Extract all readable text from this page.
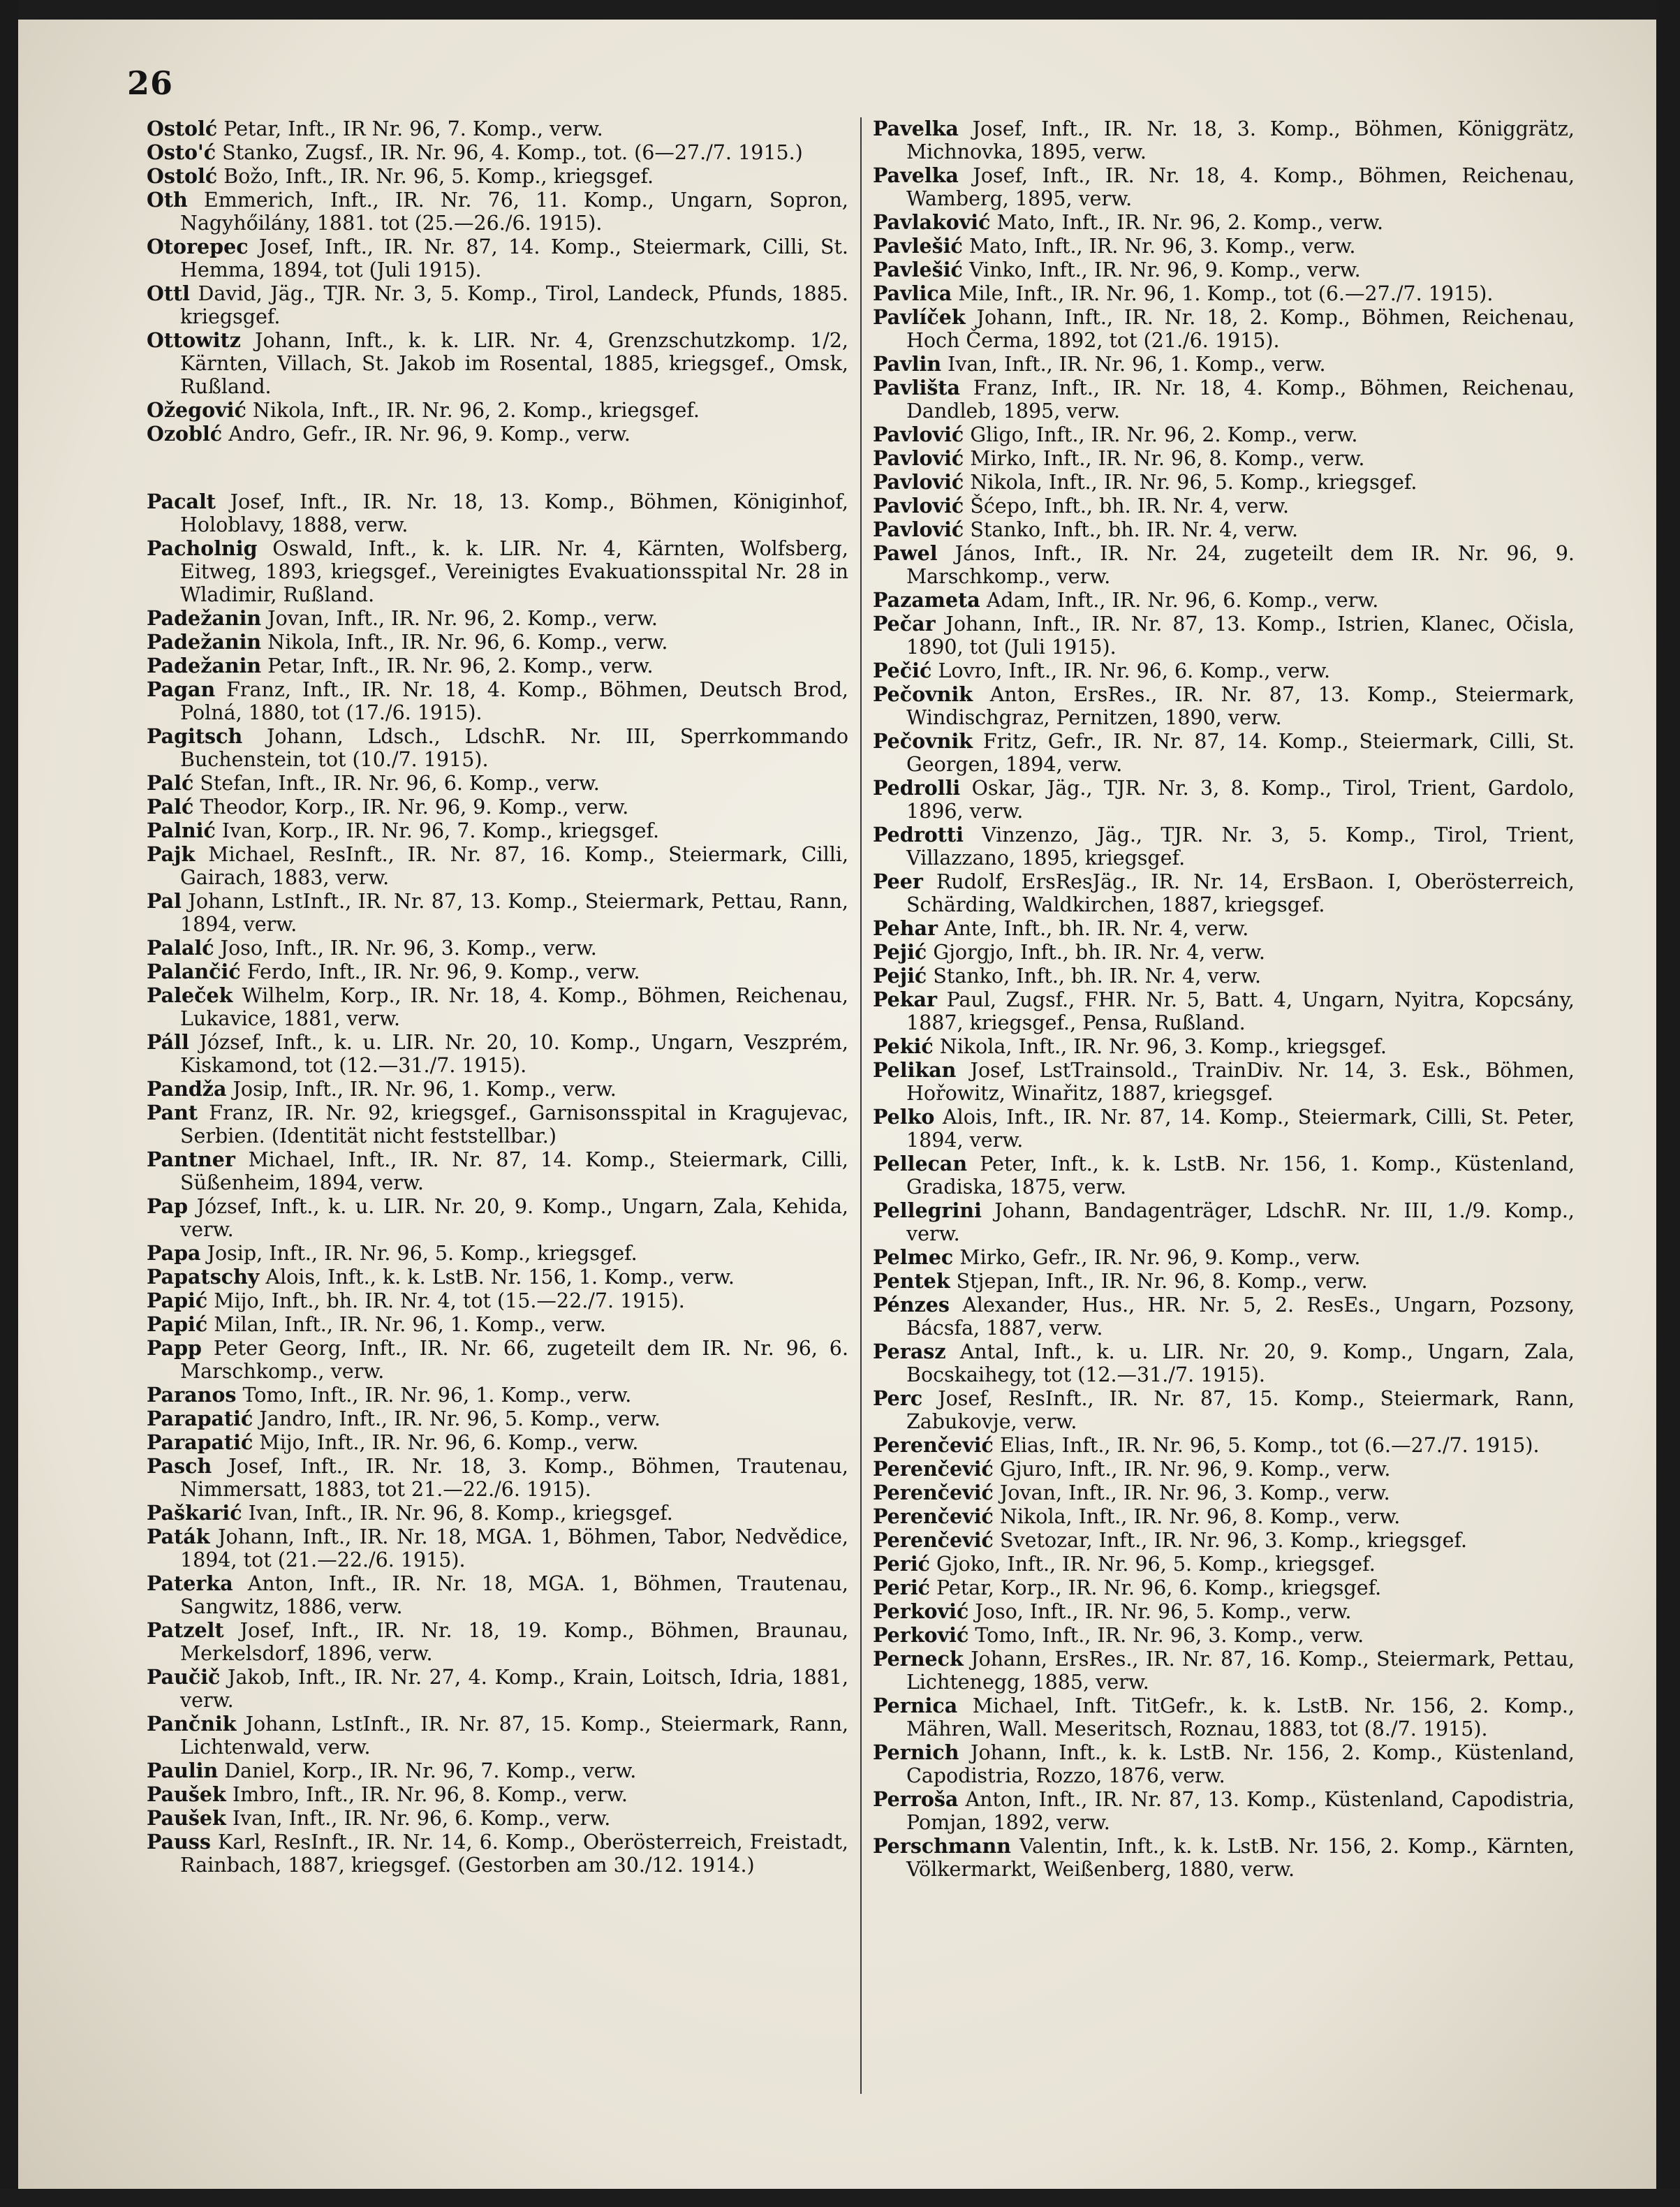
26

Ostolć Petar, Inft., IR Nr. 96, 7. Komp., verw.

Osto'ć Stanko, Zugsf., IR. Nr. 96, 4. Komp., tot. (6—27./7. 1915.)

Ostolć Božo, Inft., IR. Nr. 96, 5. Komp., kriegsgef.

Oth Emmerich, Inft., IR. Nr. 76, 11. Komp., Ungarn, Sopron, Nagyhőilány, 1881. tot (25.—26./6. 1915).

Otorepec Josef, Inft., IR. Nr. 87, 14. Komp., Steiermark, Cilli, St. Hemma, 1894, tot (Juli 1915).

Ottl David, Jäg., TJR. Nr. 3, 5. Komp., Tirol, Landeck, Pfunds, 1885. kriegsgef.

Ottowitz Johann, Inft., k. k. LIR. Nr. 4, Grenzschutzkomp. 1/2, Kärnten, Villach, St. Jakob im Rosental, 1885, kriegsgef., Omsk, Rußland.

Ožegović Nikola, Inft., IR. Nr. 96, 2. Komp., kriegsgef.

Ozoblć Andro, Gefr., IR. Nr. 96, 9. Komp., verw.

Pacalt Josef, Inft., IR. Nr. 18, 13. Komp., Böhmen, Königinhof, Holoblavy, 1888, verw.

Pacholnig Oswald, Inft., k. k. LIR. Nr. 4, Kärnten, Wolfsberg, Eitweg, 1893, kriegsgef., Vereinigtes Evakuationsspital Nr. 28 in Wladimir, Rußland.

Padežanin Jovan, Inft., IR. Nr. 96, 2. Komp., verw.

Padežanin Nikola, Inft., IR. Nr. 96, 6. Komp., verw.

Padežanin Petar, Inft., IR. Nr. 96, 2. Komp., verw.

Pagan Franz, Inft., IR. Nr. 18, 4. Komp., Böhmen, Deutsch Brod, Polná, 1880, tot (17./6. 1915).

Pagitsch Johann, Ldsch., LdschR. Nr. III, Sperrkommando Buchenstein, tot (10./7. 1915).

Palć Stefan, Inft., IR. Nr. 96, 6. Komp., verw.

Palć Theodor, Korp., IR. Nr. 96, 9. Komp., verw.

Palnić Ivan, Korp., IR. Nr. 96, 7. Komp., kriegsgef.

Pajk Michael, ResInft., IR. Nr. 87, 16. Komp., Steiermark, Cilli, Gairach, 1883, verw.

Pal Johann, LstInft., IR. Nr. 87, 13. Komp., Steiermark, Pettau, Rann, 1894, verw.

Palalć Joso, Inft., IR. Nr. 96, 3. Komp., verw.

Palančić Ferdo, Inft., IR. Nr. 96, 9. Komp., verw.

Paleček Wilhelm, Korp., IR. Nr. 18, 4. Komp., Böhmen, Reichenau, Lukavice, 1881, verw.

Páll József, Inft., k. u. LIR. Nr. 20, 10. Komp., Ungarn, Veszprém, Kiskamond, tot (12.—31./7. 1915).

Pandža Josip, Inft., IR. Nr. 96, 1. Komp., verw.

Pant Franz, IR. Nr. 92, kriegsgef., Garnisonsspital in Kragujevac, Serbien. (Identität nicht feststellbar.)

Pantner Michael, Inft., IR. Nr. 87, 14. Komp., Steiermark, Cilli, Süßenheim, 1894, verw.

Pap József, Inft., k. u. LIR. Nr. 20, 9. Komp., Ungarn, Zala, Kehida, verw.

Papa Josip, Inft., IR. Nr. 96, 5. Komp., kriegsgef.

Papatschy Alois, Inft., k. k. LstB. Nr. 156, 1. Komp., verw.

Papić Mijo, Inft., bh. IR. Nr. 4, tot (15.—22./7. 1915).

Papić Milan, Inft., IR. Nr. 96, 1. Komp., verw.

Papp Peter Georg, Inft., IR. Nr. 66, zugeteilt dem IR. Nr. 96, 6. Marschkomp., verw.

Paranos Tomo, Inft., IR. Nr. 96, 1. Komp., verw.

Parapatić Jandro, Inft., IR. Nr. 96, 5. Komp., verw.

Parapatić Mijo, Inft., IR. Nr. 96, 6. Komp., verw.

Pasch Josef, Inft., IR. Nr. 18, 3. Komp., Böhmen, Trautenau, Nimmersatt, 1883, tot 21.—22./6. 1915).

Paškarić Ivan, Inft., IR. Nr. 96, 8. Komp., kriegsgef.

Paták Johann, Inft., IR. Nr. 18, MGA. 1, Böhmen, Tabor, Nedvědice, 1894, tot (21.—22./6. 1915).

Paterka Anton, Inft., IR. Nr. 18, MGA. 1, Böhmen, Trautenau, Sangwitz, 1886, verw.

Patzelt Josef, Inft., IR. Nr. 18, 19. Komp., Böhmen, Braunau, Merkelsdorf, 1896, verw.

Paučič Jakob, Inft., IR. Nr. 27, 4. Komp., Krain, Loitsch, Idria, 1881, verw.

Pančnik Johann, LstInft., IR. Nr. 87, 15. Komp., Steiermark, Rann, Lichtenwald, verw.

Paulin Daniel, Korp., IR. Nr. 96, 7. Komp., verw.

Paušek Imbro, Inft., IR. Nr. 96, 8. Komp., verw.

Paušek Ivan, Inft., IR. Nr. 96, 6. Komp., verw.

Pauss Karl, ResInft., IR. Nr. 14, 6. Komp., Oberösterreich, Freistadt, Rainbach, 1887, kriegsgef. (Gestorben am 30./12. 1914.)

Pavelka Josef, Inft., IR. Nr. 18, 3. Komp., Böhmen, Königgrätz, Michnovka, 1895, verw.

Pavelka Josef, Inft., IR. Nr. 18, 4. Komp., Böhmen, Reichenau, Wamberg, 1895, verw.

Pavlaković Mato, Inft., IR. Nr. 96, 2. Komp., verw.

Pavlešić Mato, Inft., IR. Nr. 96, 3. Komp., verw.

Pavlešić Vinko, Inft., IR. Nr. 96, 9. Komp., verw.

Pavlica Mile, Inft., IR. Nr. 96, 1. Komp., tot (6.—27./7. 1915).

Pavlíček Johann, Inft., IR. Nr. 18, 2. Komp., Böhmen, Reichenau, Hoch Čerma, 1892, tot (21./6. 1915).

Pavlin Ivan, Inft., IR. Nr. 96, 1. Komp., verw.

Pavlišta Franz, Inft., IR. Nr. 18, 4. Komp., Böhmen, Reichenau, Dandleb, 1895, verw.

Pavlović Gligo, Inft., IR. Nr. 96, 2. Komp., verw.

Pavlović Mirko, Inft., IR. Nr. 96, 8. Komp., verw.

Pavlović Nikola, Inft., IR. Nr. 96, 5. Komp., kriegsgef.

Pavlović Šćepo, Inft., bh. IR. Nr. 4, verw.

Pavlović Stanko, Inft., bh. IR. Nr. 4, verw.

Pawel János, Inft., IR. Nr. 24, zugeteilt dem IR. Nr. 96, 9. Marschkomp., verw.

Pazameta Adam, Inft., IR. Nr. 96, 6. Komp., verw.

Pečar Johann, Inft., IR. Nr. 87, 13. Komp., Istrien, Klanec, Očisla, 1890, tot (Juli 1915).

Pečić Lovro, Inft., IR. Nr. 96, 6. Komp., verw.

Pečovnik Anton, ErsRes., IR. Nr. 87, 13. Komp., Steiermark, Windischgraz, Pernitzen, 1890, verw.

Pečovnik Fritz, Gefr., IR. Nr. 87, 14. Komp., Steiermark, Cilli, St. Georgen, 1894, verw.

Pedrolli Oskar, Jäg., TJR. Nr. 3, 8. Komp., Tirol, Trient, Gardolo, 1896, verw.

Pedrotti Vinzenzo, Jäg., TJR. Nr. 3, 5. Komp., Tirol, Trient, Villazzano, 1895, kriegsgef.

Peer Rudolf, ErsResJäg., IR. Nr. 14, ErsBaon. I, Oberösterreich, Schärding, Waldkirchen, 1887, kriegsgef.

Pehar Ante, Inft., bh. IR. Nr. 4, verw.

Pejić Gjorgjo, Inft., bh. IR. Nr. 4, verw.

Pejić Stanko, Inft., bh. IR. Nr. 4, verw.

Pekar Paul, Zugsf., FHR. Nr. 5, Batt. 4, Ungarn, Nyitra, Kopcsány, 1887, kriegsgef., Pensa, Rußland.

Pekić Nikola, Inft., IR. Nr. 96, 3. Komp., kriegsgef.

Pelikan Josef, LstTrainsold., TrainDiv. Nr. 14, 3. Esk., Böhmen, Hořowitz, Winařitz, 1887, kriegsgef.

Pelko Alois, Inft., IR. Nr. 87, 14. Komp., Steiermark, Cilli, St. Peter, 1894, verw.

Pellecan Peter, Inft., k. k. LstB. Nr. 156, 1. Komp., Küstenland, Gradiska, 1875, verw.

Pellegrini Johann, Bandagenträger, LdschR. Nr. III, 1./9. Komp., verw.

Pelmec Mirko, Gefr., IR. Nr. 96, 9. Komp., verw.

Pentek Stjepan, Inft., IR. Nr. 96, 8. Komp., verw.

Pénzes Alexander, Hus., HR. Nr. 5, 2. ResEs., Ungarn, Pozsony, Bácsfa, 1887, verw.

Perasz Antal, Inft., k. u. LIR. Nr. 20, 9. Komp., Ungarn, Zala, Bocskaihegy, tot (12.—31./7. 1915).

Perc Josef, ResInft., IR. Nr. 87, 15. Komp., Steiermark, Rann, Zabukovje, verw.

Perenčević Elias, Inft., IR. Nr. 96, 5. Komp., tot (6.—27./7. 1915).

Perenčević Gjuro, Inft., IR. Nr. 96, 9. Komp., verw.

Perenčević Jovan, Inft., IR. Nr. 96, 3. Komp., verw.

Perenčević Nikola, Inft., IR. Nr. 96, 8. Komp., verw.

Perenčević Svetozar, Inft., IR. Nr. 96, 3. Komp., kriegsgef.

Perić Gjoko, Inft., IR. Nr. 96, 5. Komp., kriegsgef.

Perić Petar, Korp., IR. Nr. 96, 6. Komp., kriegsgef.

Perković Joso, Inft., IR. Nr. 96, 5. Komp., verw.

Perković Tomo, Inft., IR. Nr. 96, 3. Komp., verw.

Perneck Johann, ErsRes., IR. Nr. 87, 16. Komp., Steiermark, Pettau, Lichtenegg, 1885, verw.

Pernica Michael, Inft. TitGefr., k. k. LstB. Nr. 156, 2. Komp., Mähren, Wall. Meseritsch, Roznau, 1883, tot (8./7. 1915).

Pernich Johann, Inft., k. k. LstB. Nr. 156, 2. Komp., Küstenland, Capodistria, Rozzo, 1876, verw.

Perroša Anton, Inft., IR. Nr. 87, 13. Komp., Küstenland, Capodistria, Pomjan, 1892, verw.

Perschmann Valentin, Inft., k. k. LstB. Nr. 156, 2. Komp., Kärnten, Völkermarkt, Weißenberg, 1880, verw.
